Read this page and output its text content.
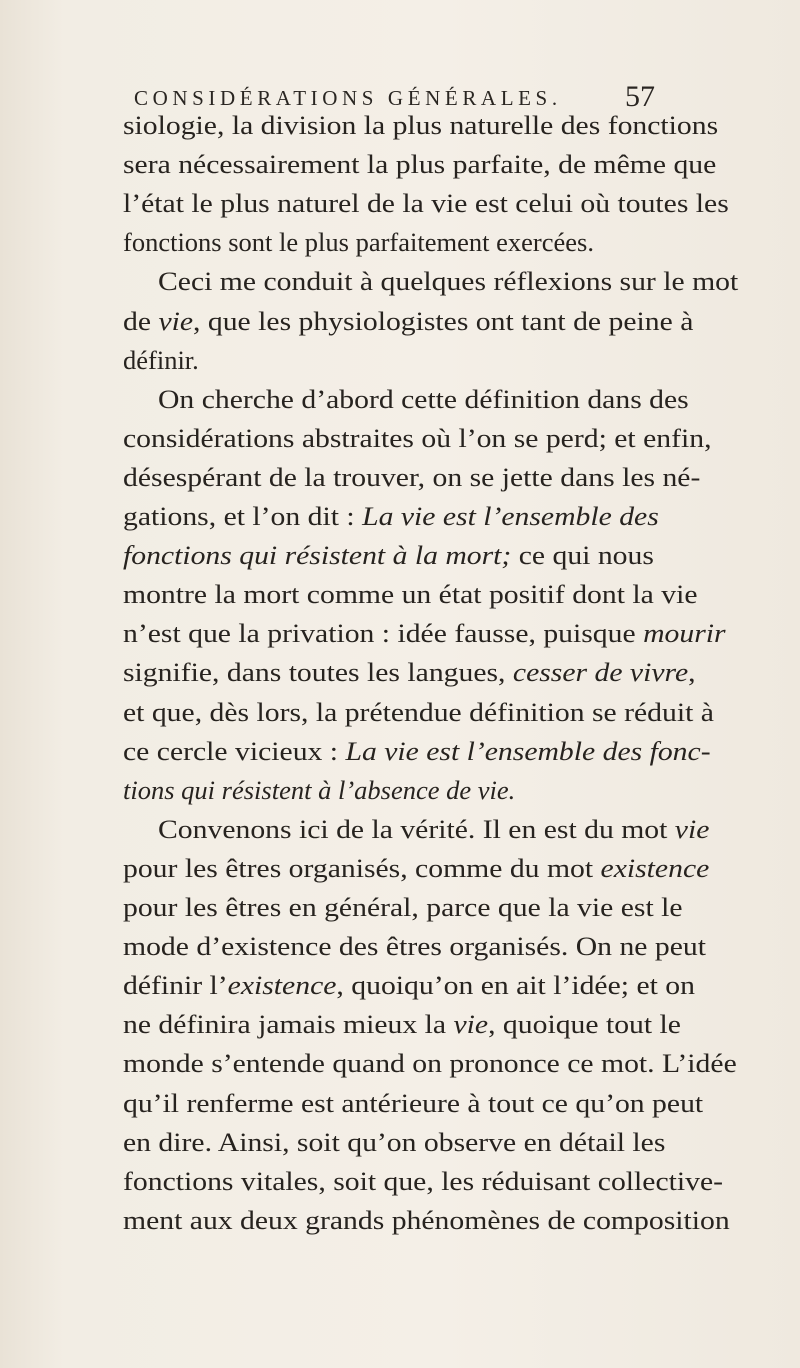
CONSIDÉRATIONS GÉNÉRALES. 57
siologie, la division la plus naturelle des fonctions
sera nécessairement la plus parfaite, de même que
l’état le plus naturel de la vie est celui où toutes les
fonctions sont le plus parfaitement exercées.
Ceci me conduit à quelques réflexions sur le mot
de vie, que les physiologistes ont tant de peine à
définir.
On cherche d’abord cette définition dans des
considérations abstraites où l’on se perd; et enfin,
désespérant de la trouver, on se jette dans les né-
gations, et l’on dit : La vie est l’ensemble des
fonctions qui résistent à la mort; ce qui nous
montre la mort comme un état positif dont la vie
n’est que la privation : idée fausse, puisque mourir
signifie, dans toutes les langues, cesser de vivre,
et que, dès lors, la prétendue définition se réduit à
ce cercle vicieux : La vie est l’ensemble des fonc-
tions qui résistent à l’absence de vie.
Convenons ici de la vérité. Il en est du mot vie
pour les êtres organisés, comme du mot existence
pour les êtres en général, parce que la vie est le
mode d’existence des êtres organisés. On ne peut
définir l’existence, quoiqu’on en ait l’idée; et on
ne définira jamais mieux la vie, quoique tout le
monde s’entende quand on prononce ce mot. L’idée
qu’il renferme est antérieure à tout ce qu’on peut
en dire. Ainsi, soit qu’on observe en détail les
fonctions vitales, soit que, les réduisant collective-
ment aux deux grands phénomènes de composition
